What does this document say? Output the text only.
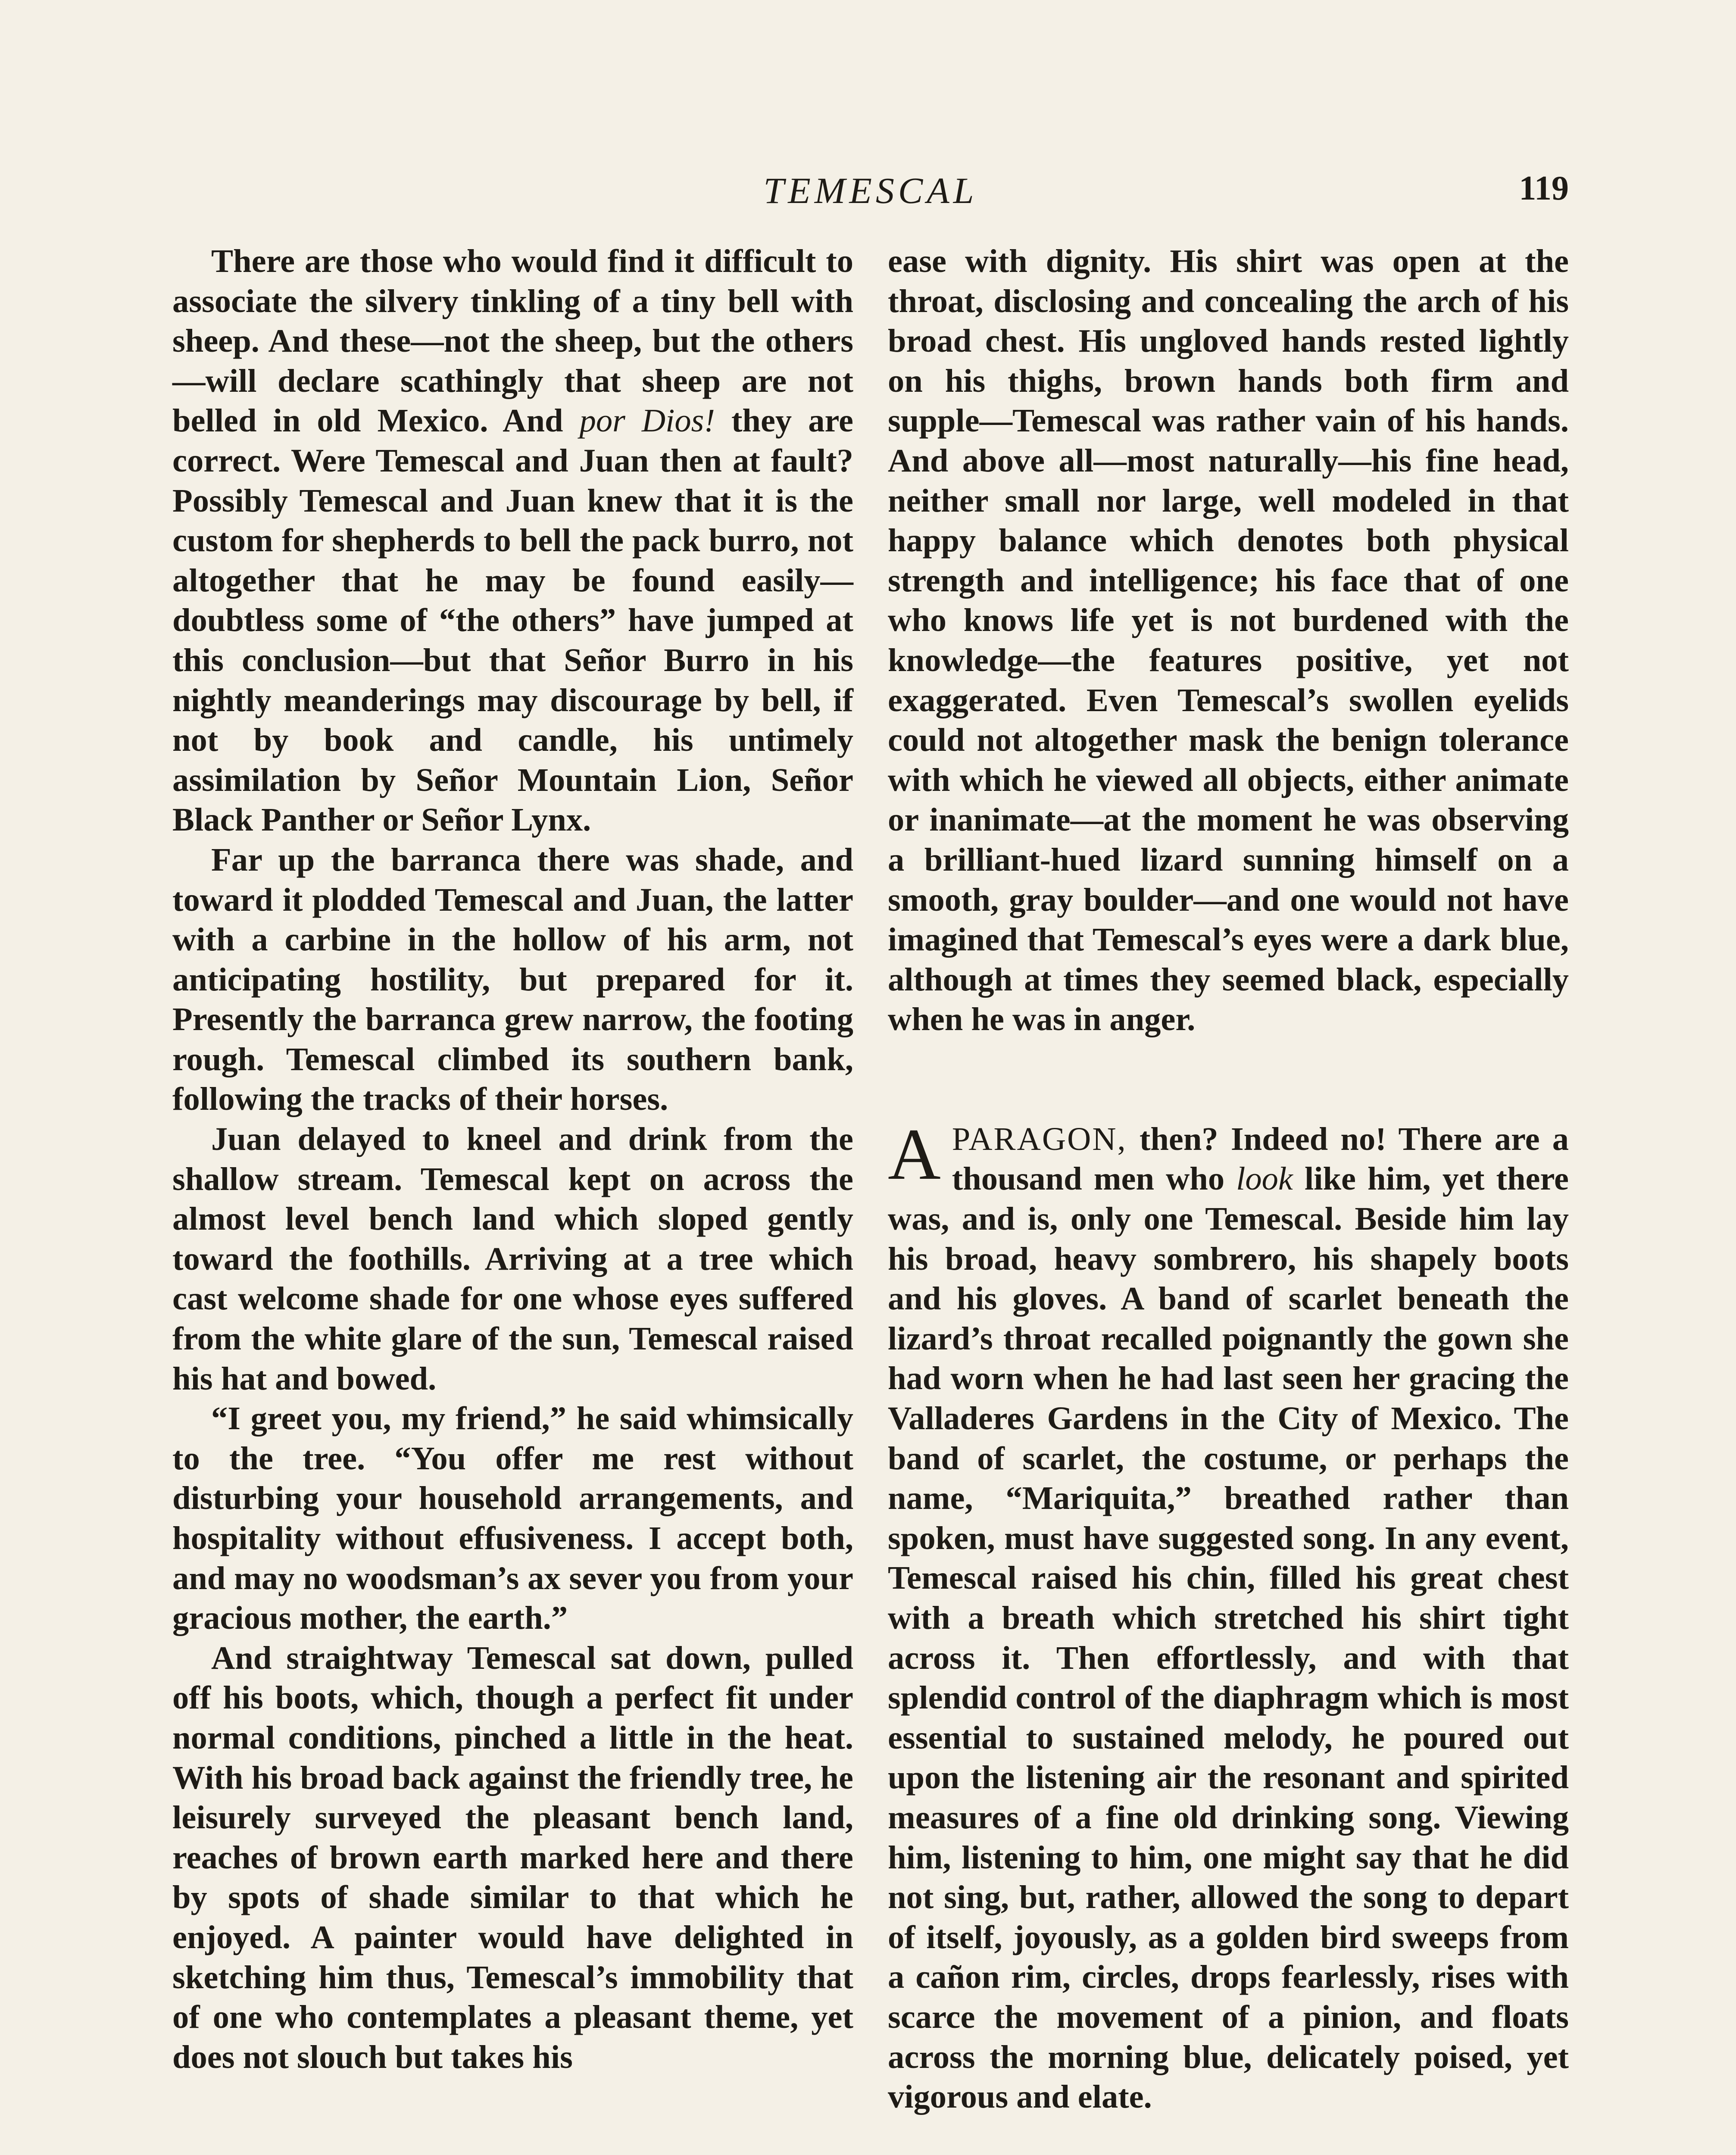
TEMESCAL	119

There are those who would find it difficult to associate the silvery tinkling of a tiny bell with sheep. And these—not the sheep, but the others—will declare scathingly that sheep are not belled in old Mexico. And por Dios! they are correct. Were Temescal and Juan then at fault? Possibly Temescal and Juan knew that it is the custom for shepherds to bell the pack burro, not altogether that he may be found easily—doubtless some of “the others” have jumped at this conclusion—but that Señor Burro in his nightly meanderings may discourage by bell, if not by book and candle, his untimely assimilation by Señor Mountain Lion, Señor Black Panther or Señor Lynx.

Far up the barranca there was shade, and toward it plodded Temescal and Juan, the latter with a carbine in the hollow of his arm, not anticipating hostility, but prepared for it. Presently the barranca grew narrow, the footing rough. Temescal climbed its southern bank, following the tracks of their horses.

Juan delayed to kneel and drink from the shallow stream. Temescal kept on across the almost level bench land which sloped gently toward the foothills. Arriving at a tree which cast welcome shade for one whose eyes suffered from the white glare of the sun, Temescal raised his hat and bowed.

“I greet you, my friend,” he said whimsically to the tree. “You offer me rest without disturbing your household arrangements, and hospitality without effusiveness. I accept both, and may no woodsman’s ax sever you from your gracious mother, the earth.”

And straightway Temescal sat down, pulled off his boots, which, though a perfect fit under normal conditions, pinched a little in the heat. With his broad back against the friendly tree, he leisurely surveyed the pleasant bench land, reaches of brown earth marked here and there by spots of shade similar to that which he enjoyed. A painter would have delighted in sketching him thus, Temescal’s immobility that of one who contemplates a pleasant theme, yet does not slouch but takes his

ease with dignity. His shirt was open at the throat, disclosing and concealing the arch of his broad chest. His ungloved hands rested lightly on his thighs, brown hands both firm and supple—Temescal was rather vain of his hands. And above all—most naturally—his fine head, neither small nor large, well modeled in that happy balance which denotes both physical strength and intelligence; his face that of one who knows life yet is not burdened with the knowledge—the features positive, yet not exaggerated. Even Temescal’s swollen eyelids could not altogether mask the benign tolerance with which he viewed all objects, either animate or inanimate—at the moment he was observing a brilliant-hued lizard sunning himself on a smooth, gray boulder—and one would not have imagined that Temescal’s eyes were a dark blue, although at times they seemed black, especially when he was in anger.

APARAGON, then? Indeed no! There are a thousand men who look like him, yet there was, and is, only one Temescal. Beside him lay his broad, heavy sombrero, his shapely boots and his gloves. A band of scarlet beneath the lizard’s throat recalled poignantly the gown she had worn when he had last seen her gracing the Valladeres Gardens in the City of Mexico. The band of scarlet, the costume, or perhaps the name, “Mariquita,” breathed rather than spoken, must have suggested song. In any event, Temescal raised his chin, filled his great chest with a breath which stretched his shirt tight across it. Then effortlessly, and with that splendid control of the diaphragm which is most essential to sustained melody, he poured out upon the listening air the resonant and spirited measures of a fine old drinking song. Viewing him, listening to him, one might say that he did not sing, but, rather, allowed the song to depart of itself, joyously, as a golden bird sweeps from a cañon rim, circles, drops fearlessly, rises with scarce the movement of a pinion, and floats across the morning blue, delicately poised, yet vigorous and elate.
